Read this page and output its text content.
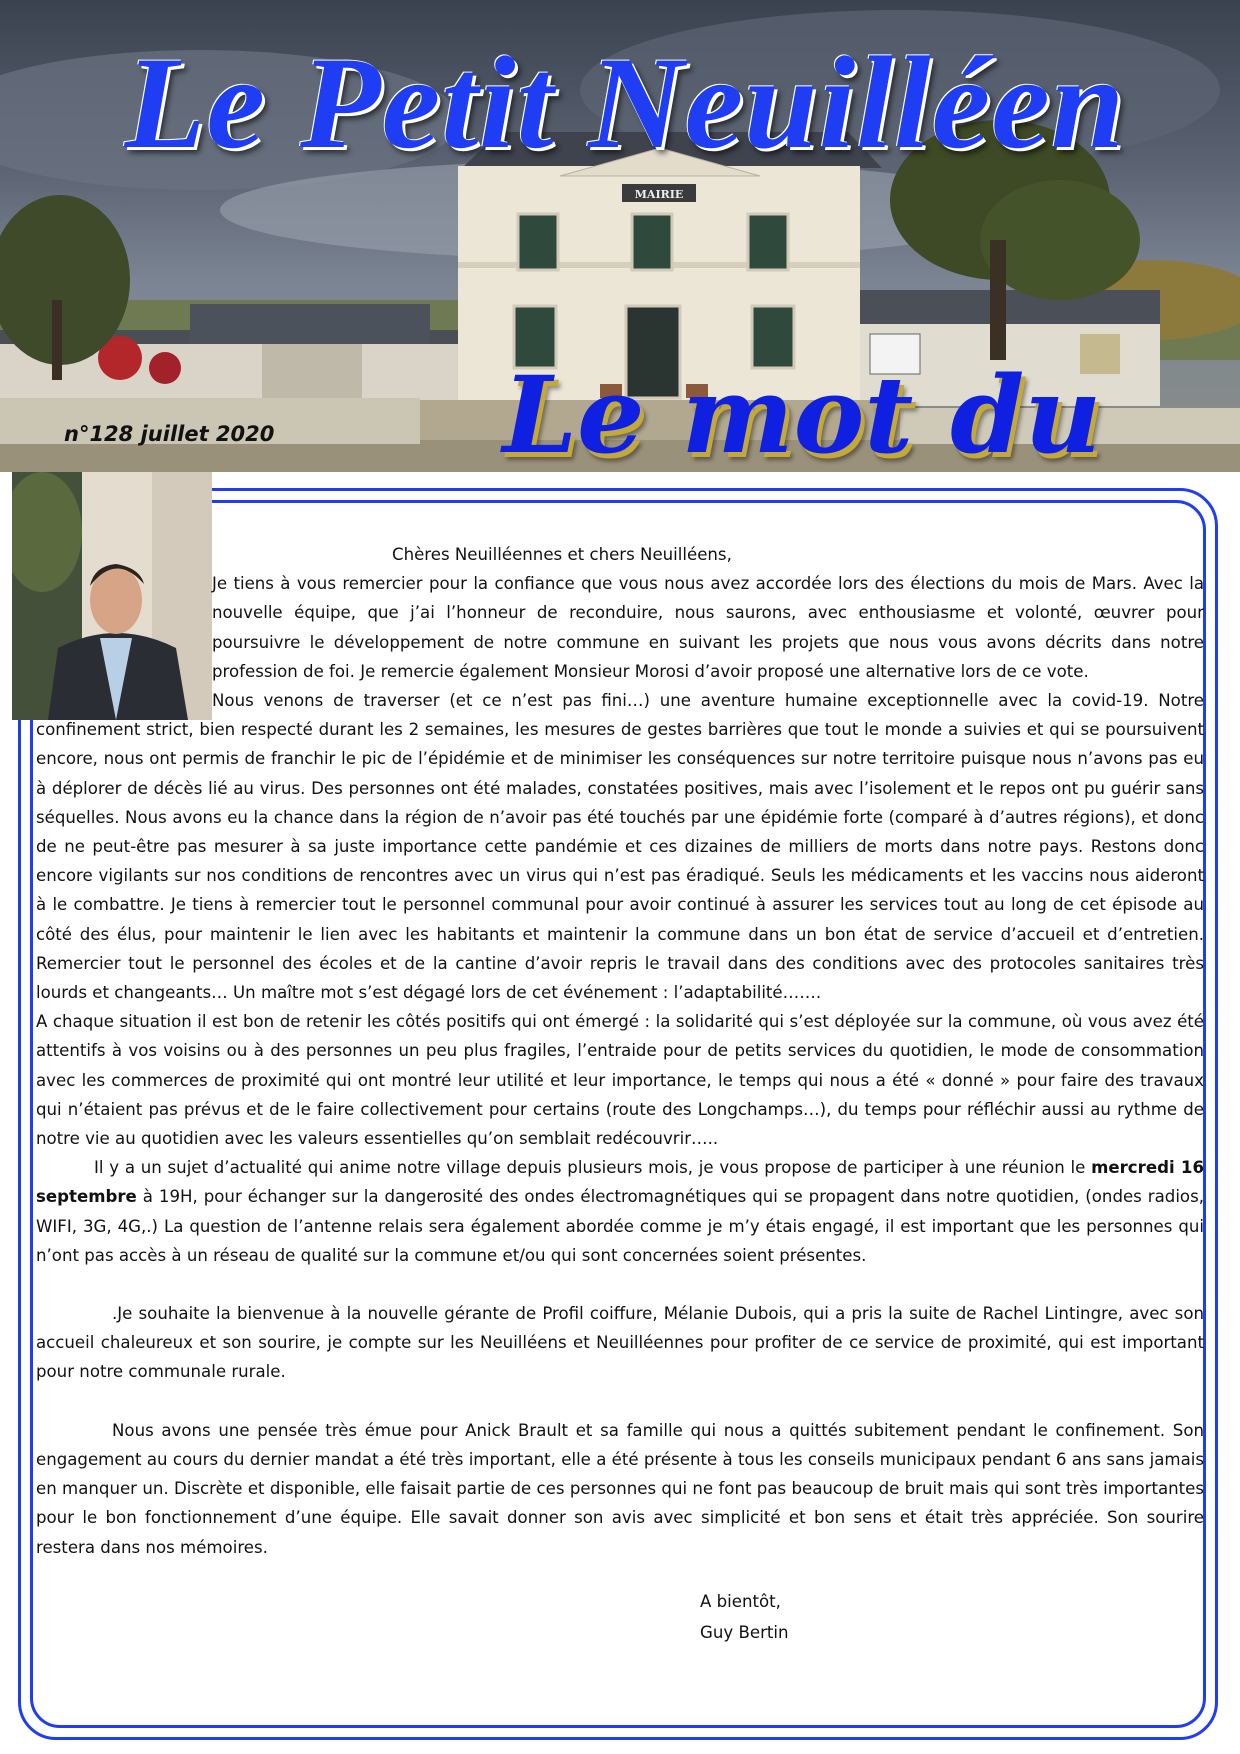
MAIRIE
Le Petit Neuilléen
n°128 juillet 2020	Le mot du

Chères Neuilléennes et chers Neuilléens,

Je tiens à vous remercier pour la confiance que vous nous avez accordée lors des élections du mois de Mars. Avec la nouvelle équipe, que j’ai l’honneur de reconduire, nous saurons, avec enthousiasme et volonté, œuvrer pour poursuivre le développement de notre commune en suivant les projets que nous vous avons décrits dans notre profession de foi. Je remercie également Monsieur Morosi d’avoir proposé une alternative lors de ce vote.

Nous venons de traverser (et ce n’est pas fini…) une aventure humaine exceptionnelle avec la covid-19. Notre confinement strict, bien respecté durant les 2 semaines, les mesures de gestes barrières que tout le monde a suivies et qui se poursuivent encore, nous ont permis de franchir le pic de l’épidémie et de minimiser les conséquences sur notre territoire puisque nous n’avons pas eu à déplorer de décès lié au virus. Des personnes ont été malades, constatées positives, mais avec l’isolement et le repos ont pu guérir sans séquelles. Nous avons eu la chance dans la région de n’avoir pas été touchés par une épidémie forte (comparé à d’autres régions), et donc de ne peut-être pas mesurer à sa juste importance cette pandémie et ces dizaines de milliers de morts dans notre pays. Restons donc encore vigilants sur nos conditions de rencontres avec un virus qui n’est pas éradiqué. Seuls les médicaments et les vaccins nous aideront à le combattre. Je tiens à remercier tout le personnel communal pour avoir continué à assurer les services tout au long de cet épisode au côté des élus, pour maintenir le lien avec les habitants et maintenir la commune dans un bon état de service d’accueil et d’entretien. Remercier tout le personnel des écoles et de la cantine d’avoir repris le travail dans des conditions avec des protocoles sanitaires très lourds et changeants… Un maître mot s’est dégagé lors de cet événement : l’adaptabilité…….

A chaque situation il est bon de retenir les côtés positifs qui ont émergé : la solidarité qui s’est déployée sur la commune, où vous avez été attentifs à vos voisins ou à des personnes un peu plus fragiles, l’entraide pour de petits services du quotidien, le mode de consommation avec les commerces de proximité qui ont montré leur utilité et leur importance, le temps qui nous a été « donné » pour faire des travaux qui n’étaient pas prévus et de le faire collectivement pour certains (route des Longchamps…), du temps pour réfléchir aussi au rythme de notre vie au quotidien avec les valeurs essentielles qu’on semblait redécouvrir…..

Il y a un sujet d’actualité qui anime notre village depuis plusieurs mois, je vous propose de participer à une réunion le mercredi 16 septembre à 19H, pour échanger sur la dangerosité des ondes électromagnétiques qui se propagent dans notre quotidien, (ondes radios, WIFI, 3G, 4G,.) La question de l’antenne relais sera également abordée comme je m’y étais engagé, il est important que les personnes qui n’ont pas accès à un réseau de qualité sur la commune et/ou qui sont concernées soient présentes.

.Je souhaite la bienvenue à la nouvelle gérante de Profil coiffure, Mélanie Dubois, qui a pris la suite de Rachel Lintingre, avec son accueil chaleureux et son sourire, je compte sur les Neuilléens et Neuilléennes pour profiter de ce service de proximité, qui est important pour notre communale rurale.

Nous avons une pensée très émue pour Anick Brault et sa famille qui nous a quittés subitement pendant le confinement. Son engagement au cours du dernier mandat a été très important, elle a été présente à tous les conseils municipaux pendant 6 ans sans jamais en manquer un. Discrète et disponible, elle faisait partie de ces personnes qui ne font pas beaucoup de bruit mais qui sont très importantes pour le bon fonctionnement d’une équipe. Elle savait donner son avis avec simplicité et bon sens et était très appréciée. Son sourire restera dans nos mémoires.

A bientôt,
Guy Bertin
